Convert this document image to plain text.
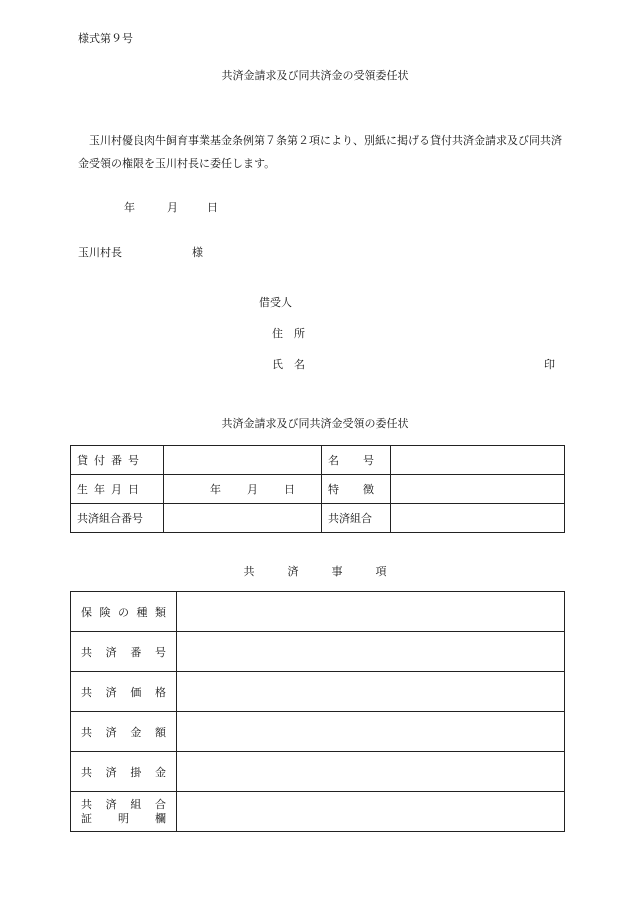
様式第９号
共済金請求及び同共済金の受領委任状
玉川村優良肉牛飼育事業基金条例第７条第２項により、別紙に掲げる貸付共済金請求及び同共済金受領の権限を玉川村長に委任します。
年	月	日
玉川村長	様
借受人
住　所
氏　名	印
共済金請求及び同共済金受領の委任状
貸付番号		名　　号	

生年月日	年 月 日	特　　徴	

共済組合番号		共済組合	
共　　　済　　　事　　　項
保険の種類	

共済番号	

共済価格	

共済金額	

共済掛金	

共済組合
証明欄	
